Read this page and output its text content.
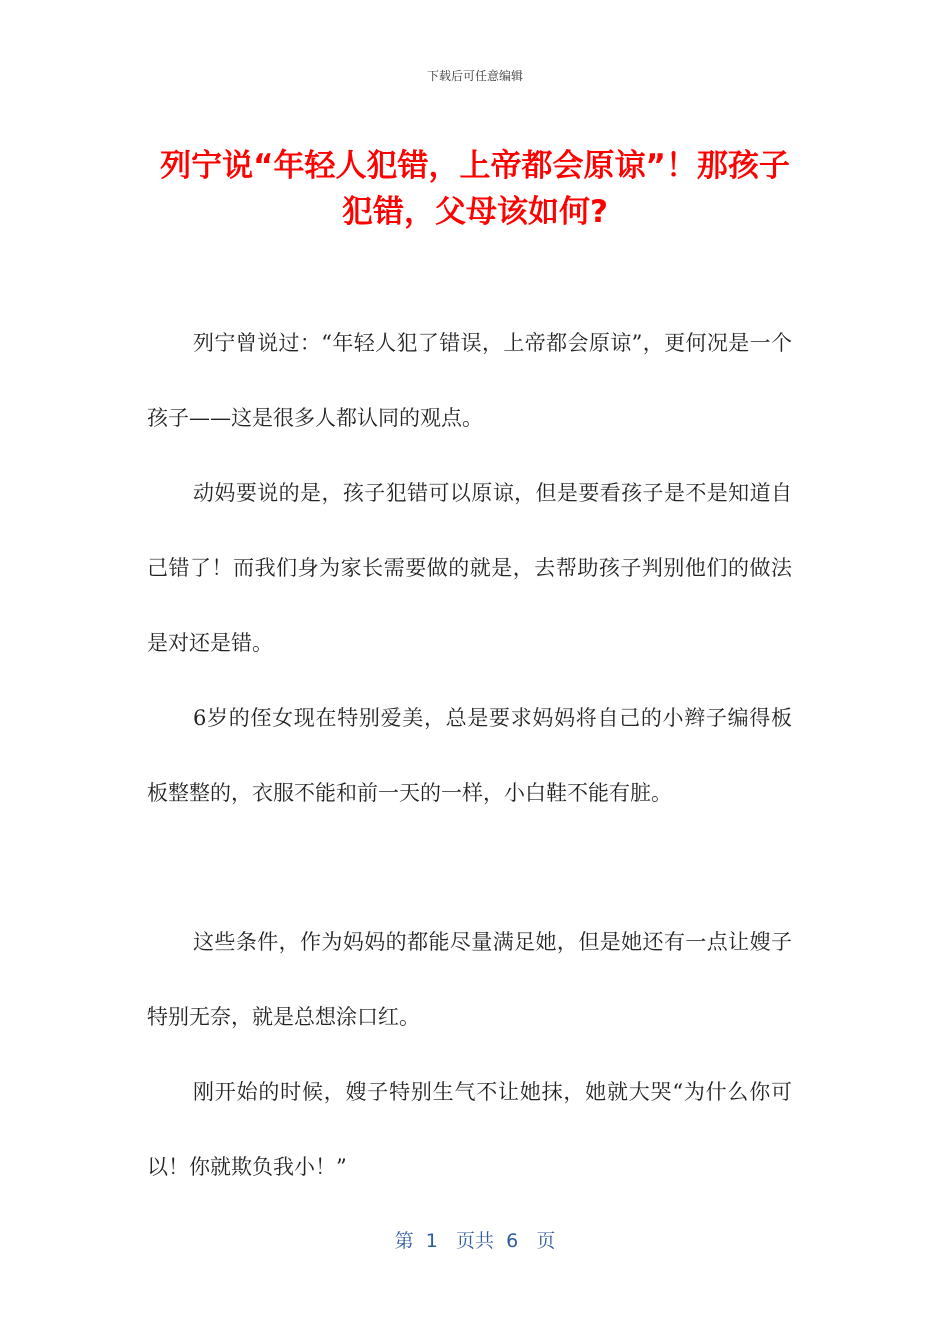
下载后可任意编辑
列宁说“年轻人犯错，上帝都会原谅”！那孩子犯错，父母该如何?

列宁曾说过：“年轻人犯了错误，上帝都会原谅”，更何况是一个孩子——这是很多人都认同的观点。

动妈要说的是，孩子犯错可以原谅，但是要看孩子是不是知道自己错了！而我们身为家长需要做的就是，去帮助孩子判别他们的做法是对还是错。

6岁的侄女现在特别爱美，总是要求妈妈将自己的小辫子编得板板整整的，衣服不能和前一天的一样，小白鞋不能有脏。

这些条件，作为妈妈的都能尽量满足她，但是她还有一点让嫂子特别无奈，就是总想涂口红。

刚开始的时候，嫂子特别生气不让她抹，她就大哭“为什么你可以！你就欺负我小！”

第 1 页共 6 页
